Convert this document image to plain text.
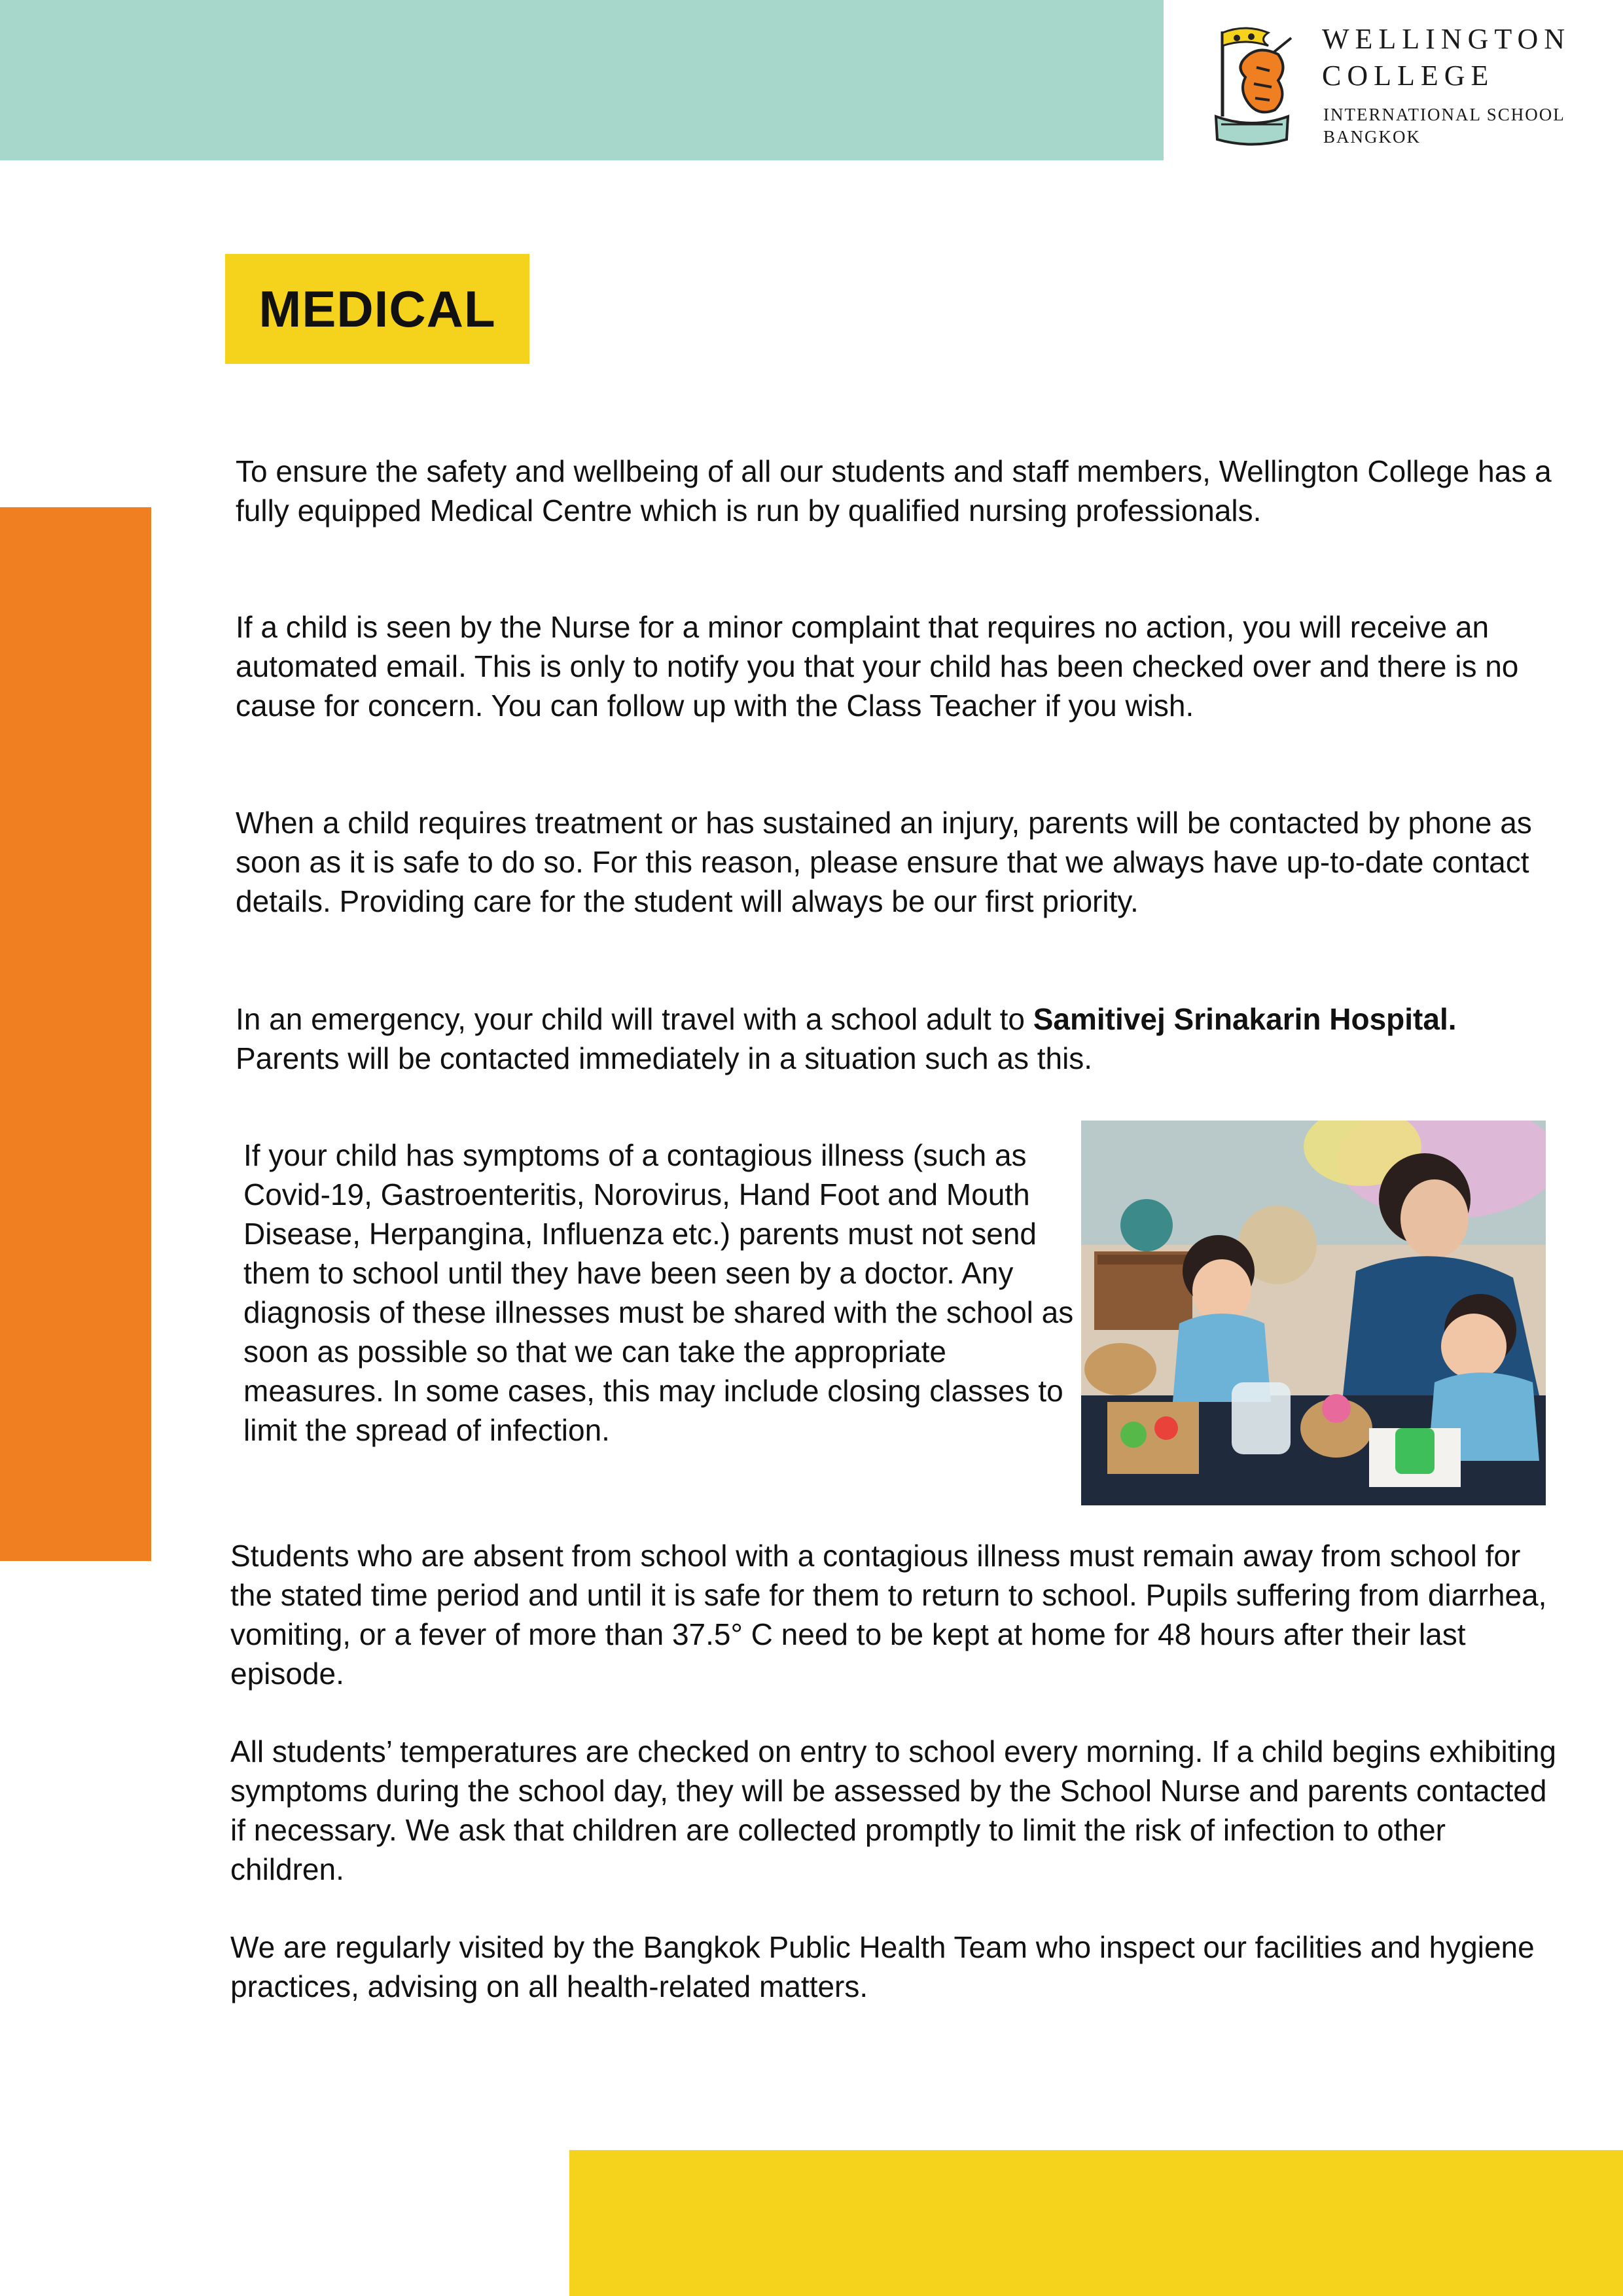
WELLINGTON
COLLEGE
INTERNATIONAL SCHOOL
BANGKOK
MEDICAL

To ensure the safety and wellbeing of all our students and staff members, Wellington College has a fully equipped Medical Centre which is run by qualified nursing professionals.

If a child is seen by the Nurse for a minor complaint that requires no action, you will receive an automated email. This is only to notify you that your child has been checked over and there is no cause for concern. You can follow up with the Class Teacher if you wish.

When a child requires treatment or has sustained an injury, parents will be contacted by phone as soon as it is safe to do so. For this reason, please ensure that we always have up-to-date contact details. Providing care for the student will always be our first priority.

In an emergency, your child will travel with a school adult to Samitivej Srinakarin Hospital. Parents will be contacted immediately in a situation such as this.

If your child has symptoms of a contagious illness (such as Covid-19, Gastroenteritis, Norovirus, Hand Foot and Mouth Disease, Herpangina, Influenza etc.) parents must not send them to school until they have been seen by a doctor. Any diagnosis of these illnesses must be shared with the school as soon as possible so that we can take the appropriate measures. In some cases, this may include closing classes to limit the spread of infection.

Students who are absent from school with a contagious illness must remain away from school for the stated time period and until it is safe for them to return to school. Pupils suffering from diarrhea, vomiting, or a fever of more than 37.5° C need to be kept at home for 48 hours after their last episode.

All students’ temperatures are checked on entry to school every morning. If a child begins exhibiting symptoms during the school day, they will be assessed by the School Nurse and parents contacted if necessary. We ask that children are collected promptly to limit the risk of infection to other children.

We are regularly visited by the Bangkok Public Health Team who inspect our facilities and hygiene practices, advising on all health-related matters.
